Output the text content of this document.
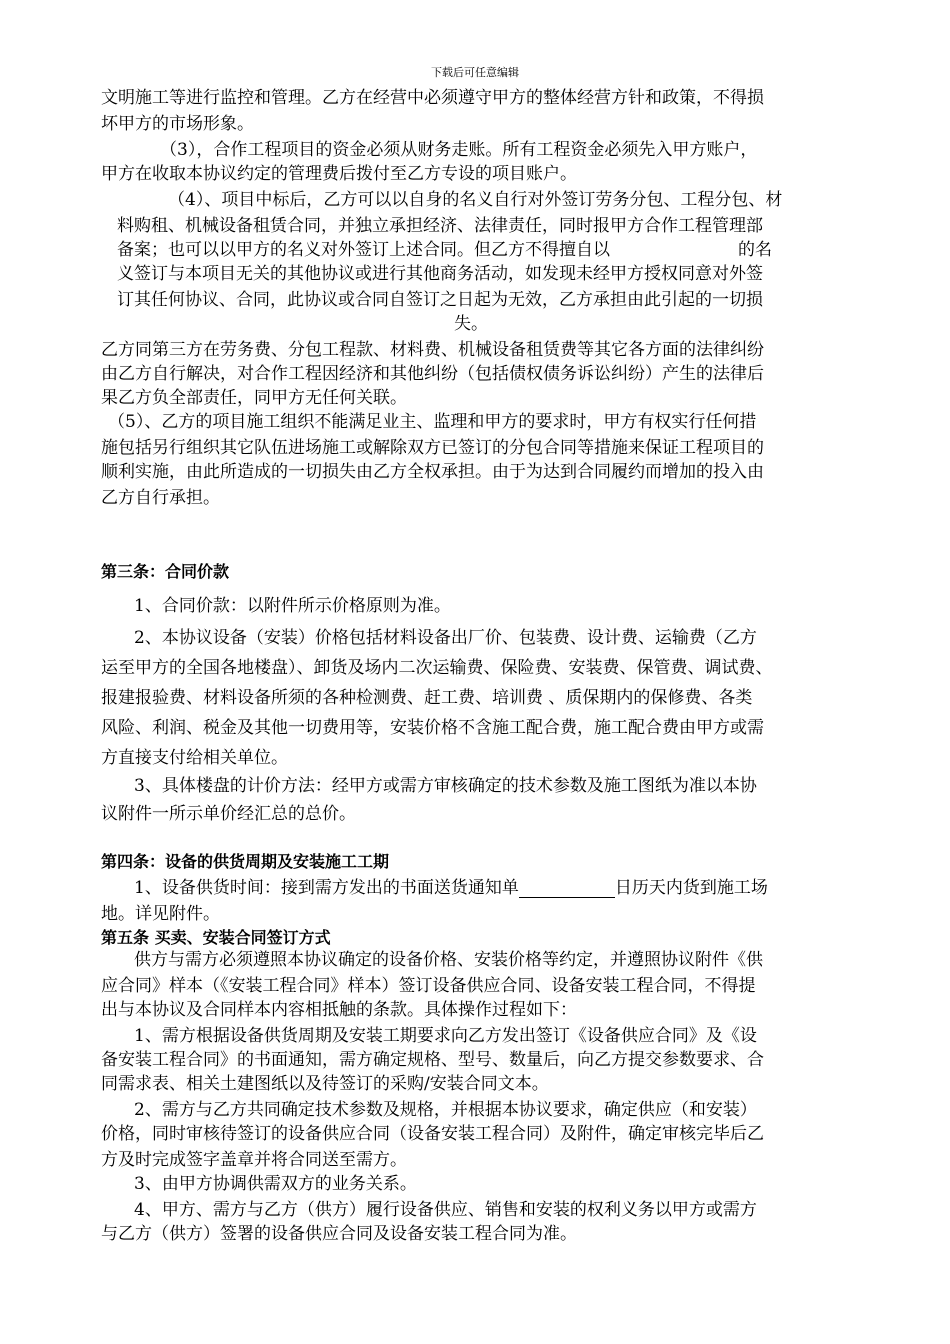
下载后可任意编辑
文明施工等进行监控和管理。乙方在经营中必须遵守甲方的整体经营方针和政策，不得损
坏甲方的市场形象。
（3），合作工程项目的资金必须从财务走账。所有工程资金必须先入甲方账户，
甲方在收取本协议约定的管理费后拨付至乙方专设的项目账户。
（4）、项目中标后，乙方可以以自身的名义自行对外签订劳务分包、工程分包、材
料购租、机械设备租赁合同，并独立承担经济、法律责任，同时报甲方合作工程管理部
备案；也可以以甲方的名义对外签订上述合同。但乙方不得擅自以	的名
义签订与本项目无关的其他协议或进行其他商务活动，如发现未经甲方授权同意对外签
订其任何协议、合同，此协议或合同自签订之日起为无效，乙方承担由此引起的一切损
失。
乙方同第三方在劳务费、分包工程款、材料费、机械设备租赁费等其它各方面的法律纠纷
由乙方自行解决，对合作工程因经济和其他纠纷（包括债权债务诉讼纠纷）产生的法律后
果乙方负全部责任，同甲方无任何关联。
（5）、乙方的项目施工组织不能满足业主、监理和甲方的要求时，甲方有权实行任何措
施包括另行组织其它队伍进场施工或解除双方已签订的分包合同等措施来保证工程项目的
顺利实施，由此所造成的一切损失由乙方全权承担。由于为达到合同履约而增加的投入由
乙方自行承担。
第三条：合同价款
1、合同价款：以附件所示价格原则为准。
2、本协议设备（安装）价格包括材料设备出厂价、包装费、设计费、运输费（乙方
运至甲方的全国各地楼盘）、卸货及场内二次运输费、保险费、安装费、保管费、调试费、
报建报验费、材料设备所须的各种检测费、赶工费、培训费 、质保期内的保修费、各类
风险、利润、税金及其他一切费用等，安装价格不含施工配合费，施工配合费由甲方或需
方直接支付给相关单位。
3、具体楼盘的计价方法：经甲方或需方审核确定的技术参数及施工图纸为准以本协
议附件一所示单价经汇总的总价。
第四条：设备的供货周期及安装施工工期
1、设备供货时间：接到需方发出的书面送货通知单	日历天内货到施工场
地。详见附件。
第五条 买卖、安装合同签订方式
供方与需方必须遵照本协议确定的设备价格、安装价格等约定，并遵照协议附件《供
应合同》样本（《安装工程合同》样本）签订设备供应合同、设备安装工程合同，不得提
出与本协议及合同样本内容相抵触的条款。具体操作过程如下：
1、需方根据设备供货周期及安装工期要求向乙方发出签订《设备供应合同》及《设
备安装工程合同》的书面通知，需方确定规格、型号、数量后，向乙方提交参数要求、合
同需求表、相关土建图纸以及待签订的采购/安装合同文本。
2、需方与乙方共同确定技术参数及规格，并根据本协议要求，确定供应（和安装）
价格，同时审核待签订的设备供应合同（设备安装工程合同）及附件，确定审核完毕后乙
方及时完成签字盖章并将合同送至需方。
3、由甲方协调供需双方的业务关系。
4、甲方、需方与乙方（供方）履行设备供应、销售和安装的权利义务以甲方或需方
与乙方（供方）签署的设备供应合同及设备安装工程合同为准。
